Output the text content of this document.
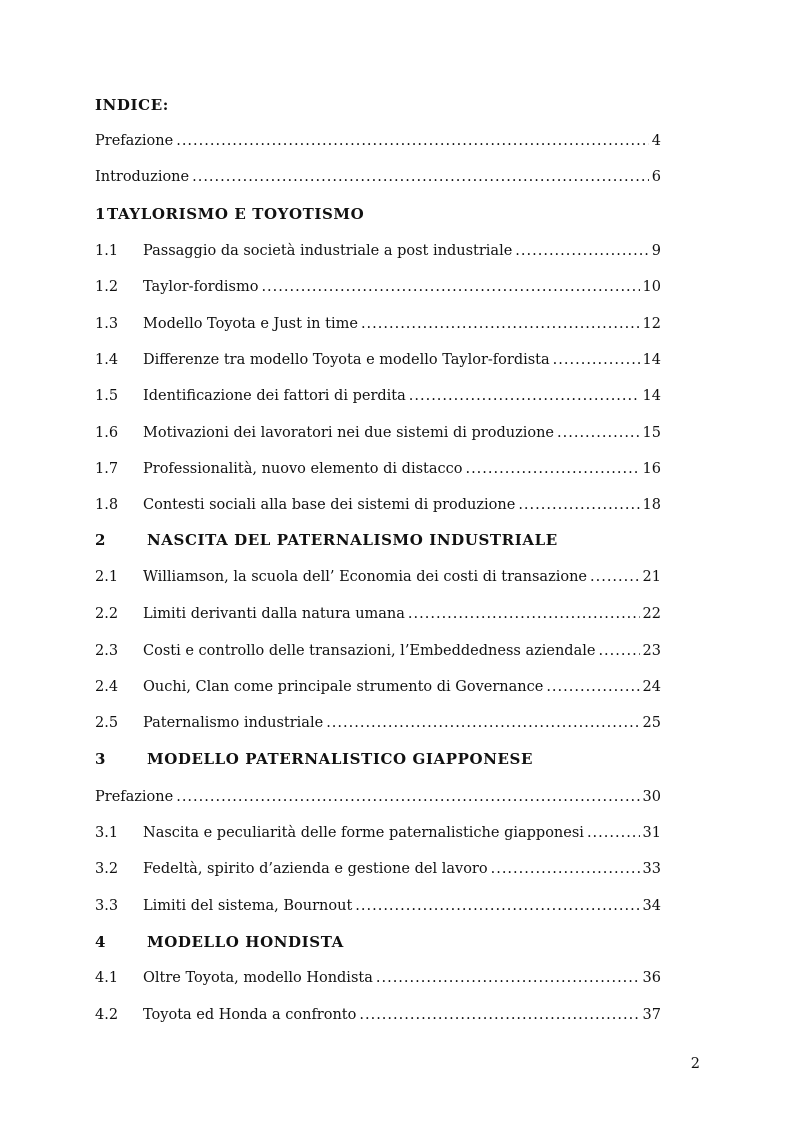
INDICE:
Prefazione .....	4
Introduzione .....	6
1 TAYLORISMO E TOYOTISMO
1.1	Passaggio da società industriale a post industriale .....	9
1.2	Taylor-fordismo .....	10
1.3	Modello Toyota e Just in time .....	12
1.4	Differenze tra modello Toyota e modello Taylor-fordista .....	14
1.5	Identificazione dei fattori di perdita .....	14
1.6	Motivazioni dei lavoratori nei due sistemi di produzione .....	15
1.7	Professionalità, nuovo elemento di distacco .....	16
1.8	Contesti sociali alla base dei sistemi di produzione .....	18
2	NASCITA DEL PATERNALISMO INDUSTRIALE
2.1	Williamson, la scuola dell’ Economia dei costi di transazione .....	21
2.2	Limiti derivanti dalla natura umana .....	22
2.3	Costi e controllo delle transazioni, l’Embeddedness aziendale .....	23
2.4	Ouchi, Clan come principale strumento di Governance .....	24
2.5	Paternalismo industriale .....	25
3	MODELLO PATERNALISTICO GIAPPONESE
Prefazione .....	30
3.1	Nascita e peculiarità delle forme paternalistiche giapponesi .....	31
3.2	Fedeltà, spirito d’azienda e gestione del lavoro .....	33
3.3	Limiti del sistema, Bournout .....	34
4	MODELLO HONDISTA
4.1	Oltre Toyota, modello Hondista .....	36
4.2	Toyota ed Honda a confronto .....	37
2
